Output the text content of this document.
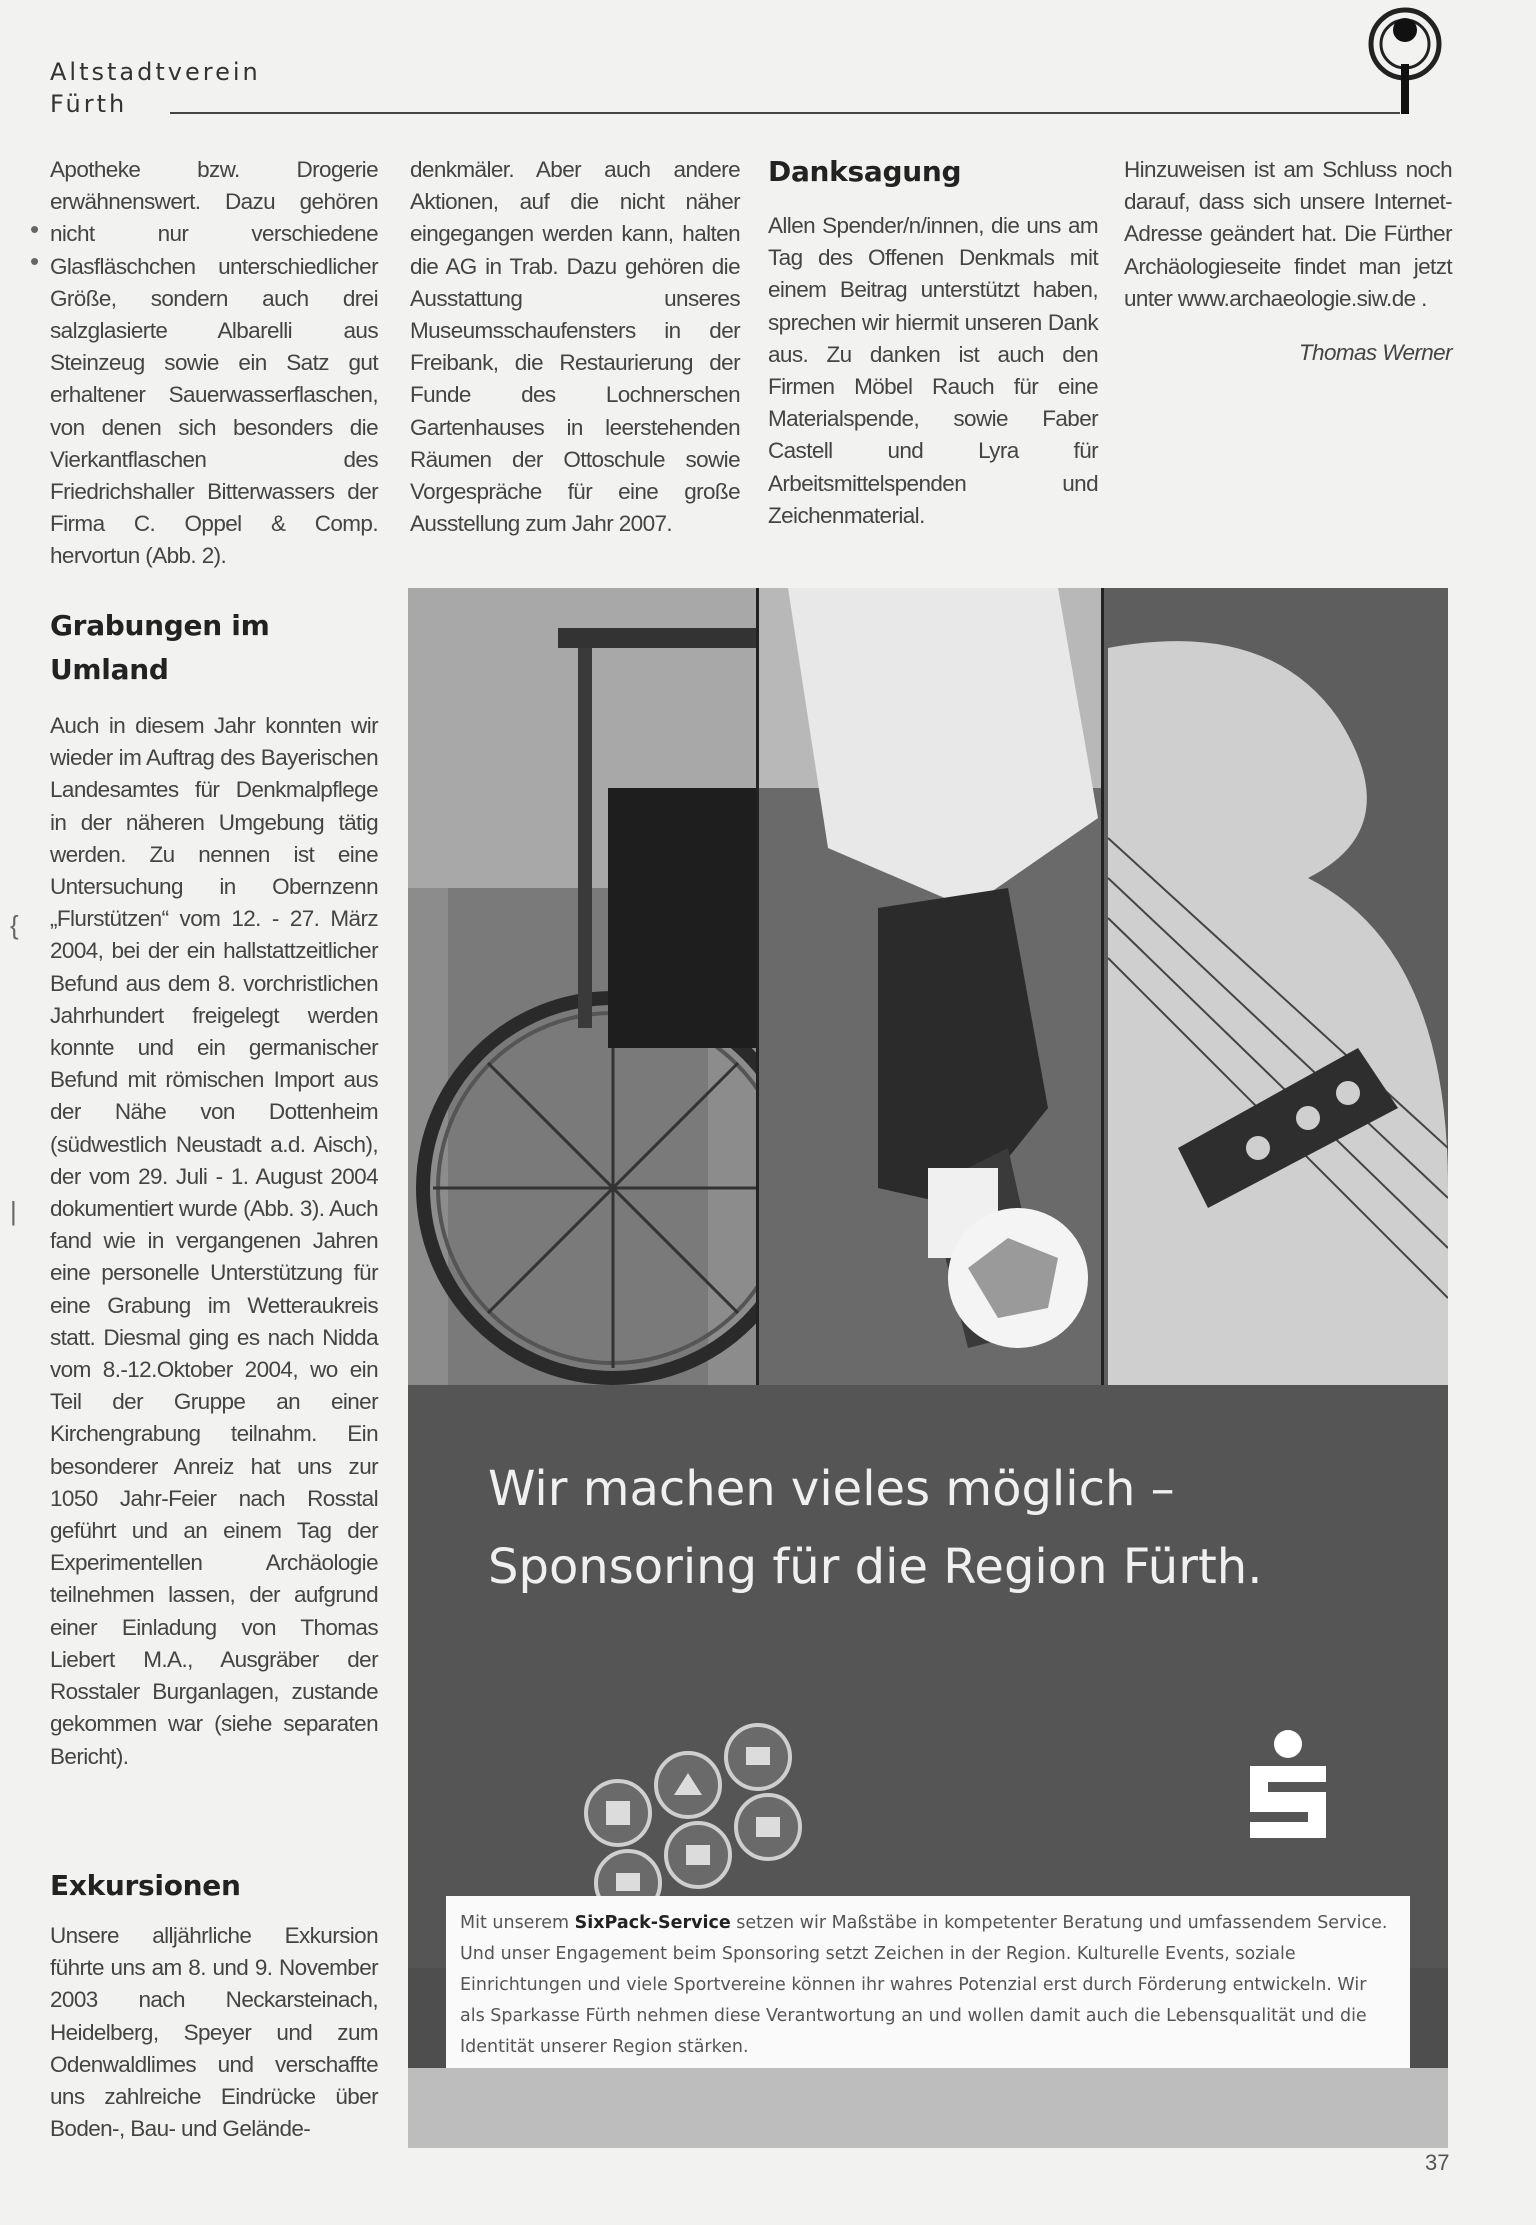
Altstadtverein
Fürth

Apotheke bzw. Drogerie erwähnenswert. Dazu gehören nicht nur verschiedene Glasfläschchen unterschiedlicher Größe, sondern auch drei salzglasierte Albarelli aus Steinzeug sowie ein Satz gut erhaltener Sauerwasserflaschen, von denen sich besonders die Vierkantflaschen des Friedrichshaller Bitterwassers der Firma C. Oppel & Comp. hervortun (Abb. 2).

•
•

denkmäler. Aber auch andere Aktionen, auf die nicht näher eingegangen werden kann, halten die AG in Trab. Dazu gehören die Ausstattung unseres Museumsschaufensters in der Freibank, die Restaurierung der Funde des Lochnerschen Gartenhauses in leerstehenden Räumen der Ottoschule sowie Vorgespräche für eine große Ausstellung zum Jahr 2007.

Danksagung

Allen Spender/n/innen, die uns am Tag des Offenen Denkmals mit einem Beitrag unterstützt haben, sprechen wir hiermit unseren Dank aus. Zu danken ist auch den Firmen Möbel Rauch für eine Materialspende, sowie Faber Castell und Lyra für Arbeitsmittelspenden und Zeichenmaterial.

Hinzuweisen ist am Schluss noch darauf, dass sich unsere Internet-Adresse geändert hat. Die Fürther Archäologieseite findet man jetzt unter www.archaeologie.siw.de .

Thomas Werner
Grabungen im Umland

Auch in diesem Jahr konnten wir wieder im Auftrag des Bayerischen Landesamtes für Denkmalpflege in der näheren Umgebung tätig werden. Zu nennen ist eine Untersuchung in Obernzenn „Flurstützen“ vom 12. - 27. März 2004, bei der ein hallstattzeitlicher Befund aus dem 8. vorchristlichen Jahrhundert freigelegt werden konnte und ein germanischer Befund mit römischen Import aus der Nähe von Dottenheim (südwestlich Neustadt a.d. Aisch), der vom 29. Juli - 1. August 2004 dokumentiert wurde (Abb. 3). Auch fand wie in vergangenen Jahren eine personelle Unterstützung für eine Grabung im Wetteraukreis statt. Diesmal ging es nach Nidda vom 8.-12.Oktober 2004, wo ein Teil der Gruppe an einer Kirchengrabung teilnahm. Ein besonderer Anreiz hat uns zur 1050 Jahr-Feier nach Rosstal geführt und an einem Tag der Experimentellen Archäologie teilnehmen lassen, der aufgrund einer Einladung von Thomas Liebert M.A., Ausgräber der Rosstaler Burganlagen, zustande gekommen war (siehe separaten Bericht).

{
|
Exkursionen

Unsere alljährliche Exkursion führte uns am 8. und 9. November 2003 nach Neckarsteinach, Heidelberg, Speyer und zum Odenwaldlimes und verschaffte uns zahlreiche Eindrücke über Boden-, Bau- und Gelände-

Wir machen vieles möglich –
Sponsoring für die Region Fürth.
Mit unserem SixPack-Service setzen wir Maßstäbe in kompetenter Beratung und umfassendem Service. Und unser Engagement beim Sponsoring setzt Zeichen in der Region. Kulturelle Events, soziale Einrichtungen und viele Sportvereine können ihr wahres Potenzial erst durch Förderung entwickeln. Wir als Sparkasse Fürth nehmen diese Verantwortung an und wollen damit auch die Lebensqualität und die Identität unserer Region stärken.
37
